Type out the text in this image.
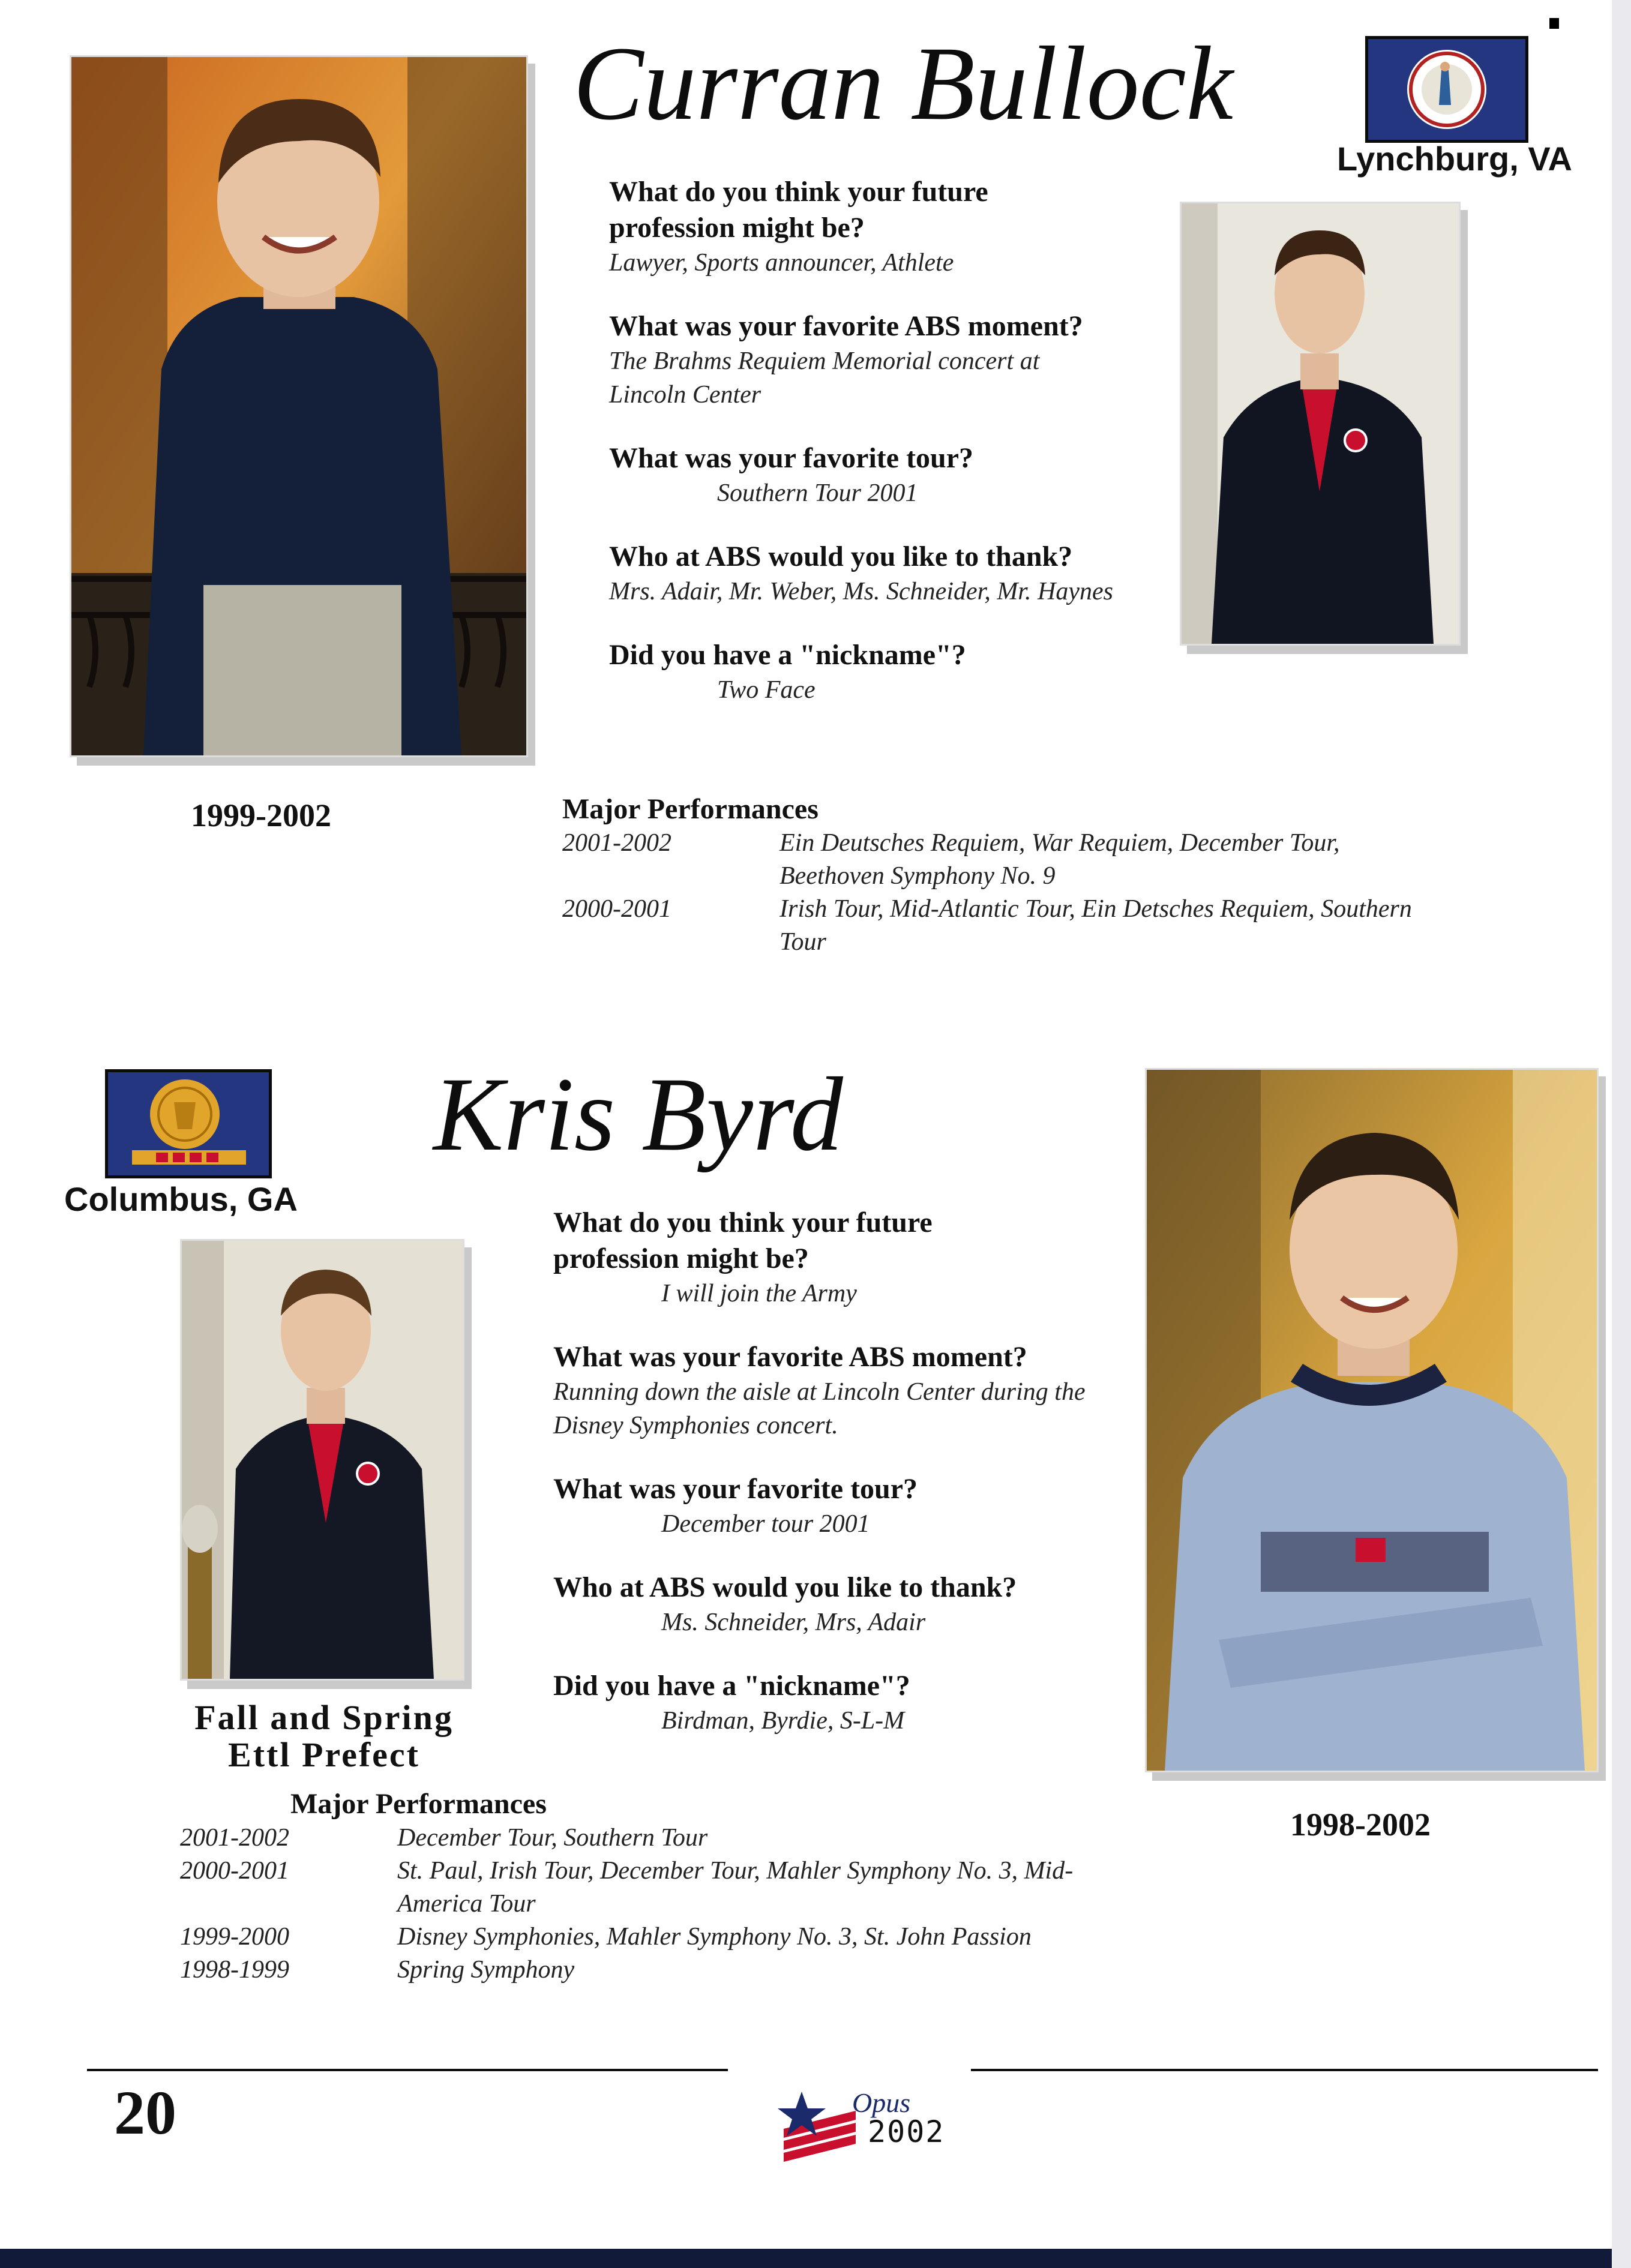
Curran Bullock
Lynchburg, VA
What do you think your future profession might be?
Lawyer, Sports announcer, Athlete
What was your favorite ABS moment?
The Brahms Requiem Memorial concert at Lincoln Center
What was your favorite tour?
Southern Tour 2001
Who at ABS would you like to thank?
Mrs. Adair, Mr. Weber, Ms. Schneider, Mr. Haynes
Did you have a "nickname"?
Two Face
1999-2002	Major Performances
2001-2002	Ein Deutsches Requiem, War Requiem, December Tour, Beethoven Symphony No. 9
2000-2001	Irish Tour, Mid-Atlantic Tour, Ein Detsches Requiem, Southern Tour
Columbus, GA
Kris Byrd
Fall and Spring Ettl Prefect
What do you think your future profession might be?
I will join the Army
What was your favorite ABS moment?
Running down the aisle at Lincoln Center during the Disney Symphonies concert.
What was your favorite tour?
December tour 2001
Who at ABS would you like to thank?
Ms. Schneider, Mrs, Adair
Did you have a "nickname"?
Birdman, Byrdie, S-L-M
1998-2002
Major Performances
2001-2002	December Tour, Southern Tour
2000-2001	St. Paul, Irish Tour, December Tour, Mahler Symphony No. 3, Mid-America Tour
1999-2000	Disney Symphonies, Mahler Symphony No. 3, St. John Passion
1998-1999	Spring Symphony
20	Opus
2002
